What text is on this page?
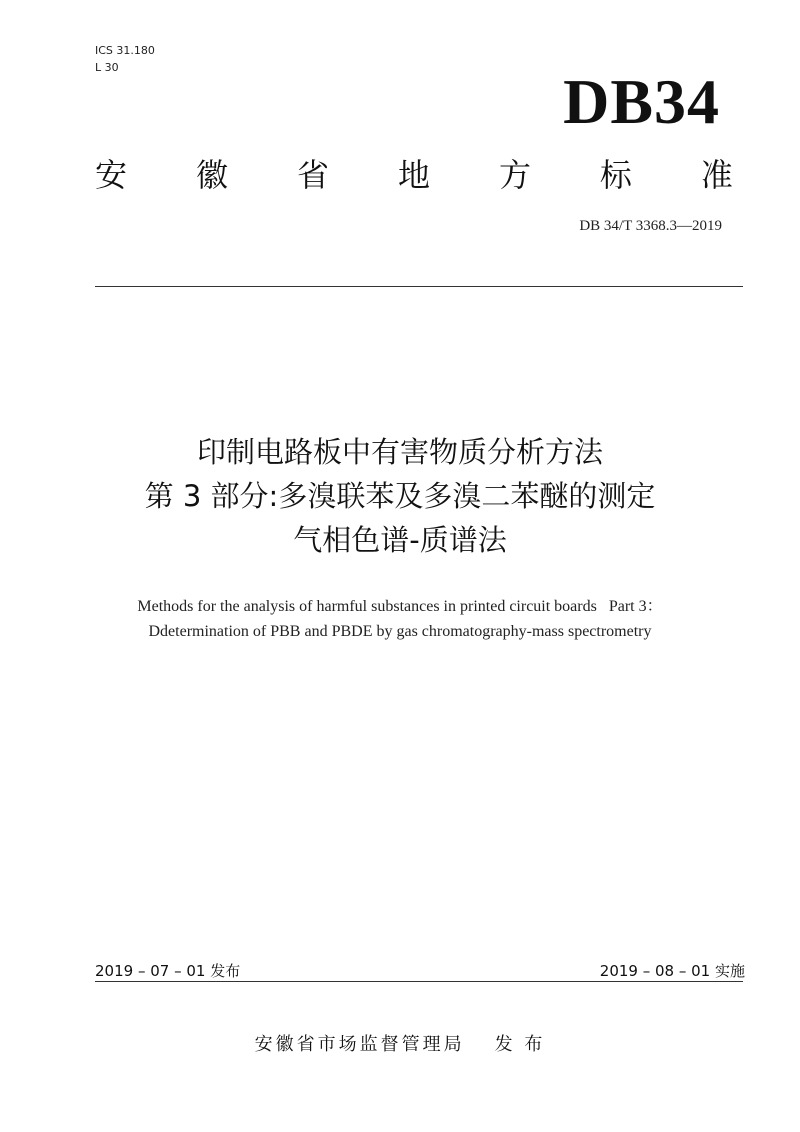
ICS 31.180
L 30	DB34
安 徽 省 地 方 标 准
DB 34/T 3368.3—2019
印制电路板中有害物质分析方法
第 3 部分:多溴联苯及多溴二苯醚的测定
气相色谱-质谱法
Methods for the analysis of harmful substances in printed circuit boards   Part 3：
Ddetermination of PBB and PBDE by gas chromatography-mass spectrometry
2019 – 07 – 01 发布	2019 – 08 – 01 实施
安徽省市场监督管理局 发 布
